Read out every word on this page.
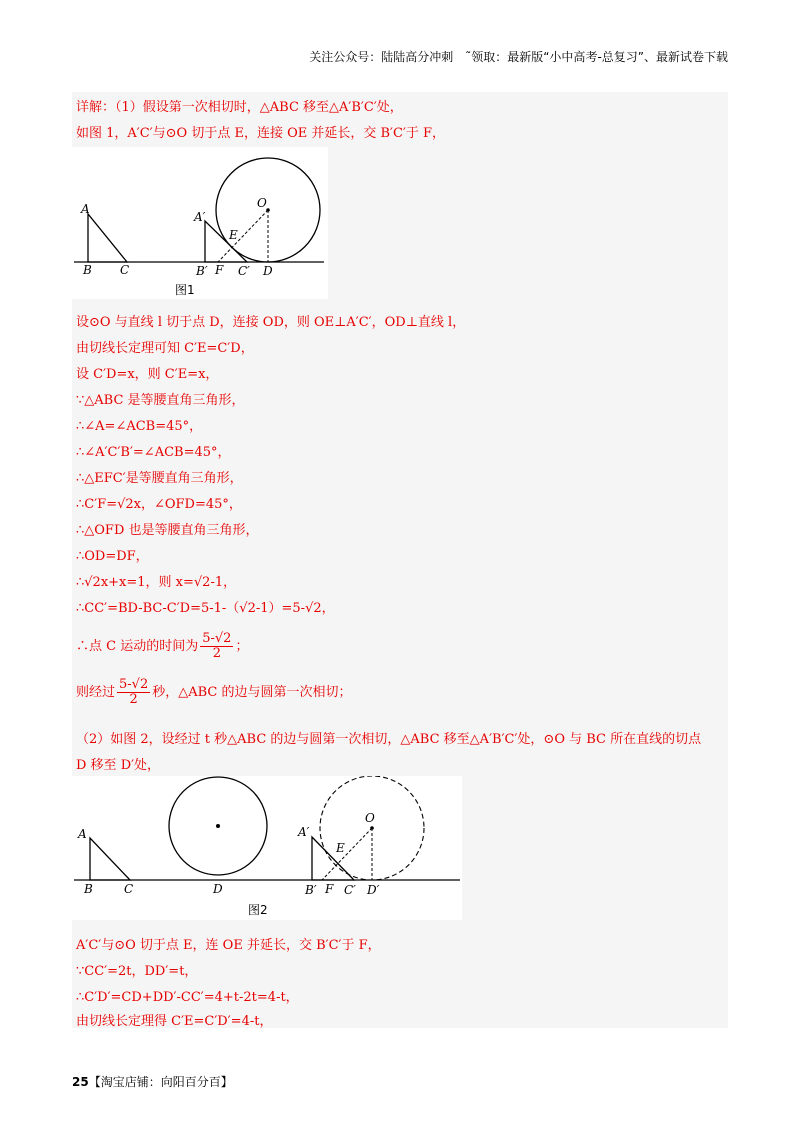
关注公众号：陆陆高分冲刺　˜领取：最新版“小中高考-总复习”、最新试卷下载
详解：（1）假设第一次相切时，△ABC 移至△A′B′C′处，
如图 1，A′C′与⊙O 切于点 E，连接 OE 并延长，交 B′C′于 F，
A
B C
A′
B′ F C′ D
E
O
图1
设⊙O 与直线 l 切于点 D，连接 OD，则 OE⊥A′C′，OD⊥直线 l，
由切线长定理可知 C′E=C′D，
设 C′D=x，则 C′E=x，
∵△ABC 是等腰直角三角形，
∴∠A=∠ACB=45°，
∴∠A′C′B′=∠ACB=45°，
∴△EFC′是等腰直角三角形，
∴C′F=√2x，∠OFD=45°，
∴△OFD 也是等腰直角三角形，
∴OD=DF，
∴√2x+x=1，则 x=√2-1，
∴CC′=BD-BC-C′D=5-1-（√2-1）=5-√2，
∴点 C 运动的时间为 $\frac{5-√2}{2}$ ；
则经过 $\frac{5-√2}{2}$ 秒，△ABC 的边与圆第一次相切；
（2）如图 2，设经过 t 秒△ABC 的边与圆第一次相切，△ABC 移至△A′B′C′处，⊙O 与 BC 所在直线的切点
D 移至 D′处，
A
B	C	D
A′
B′ F C′ D′
E
O
图2
A′C′与⊙O 切于点 E，连 OE 并延长，交 B′C′于 F，
∵CC′=2t，DD′=t，
∴C′D′=CD+DD′-CC′=4+t-2t=4-t，
由切线长定理得 C′E=C′D′=4-t，
25【淘宝店铺：向阳百分百】
